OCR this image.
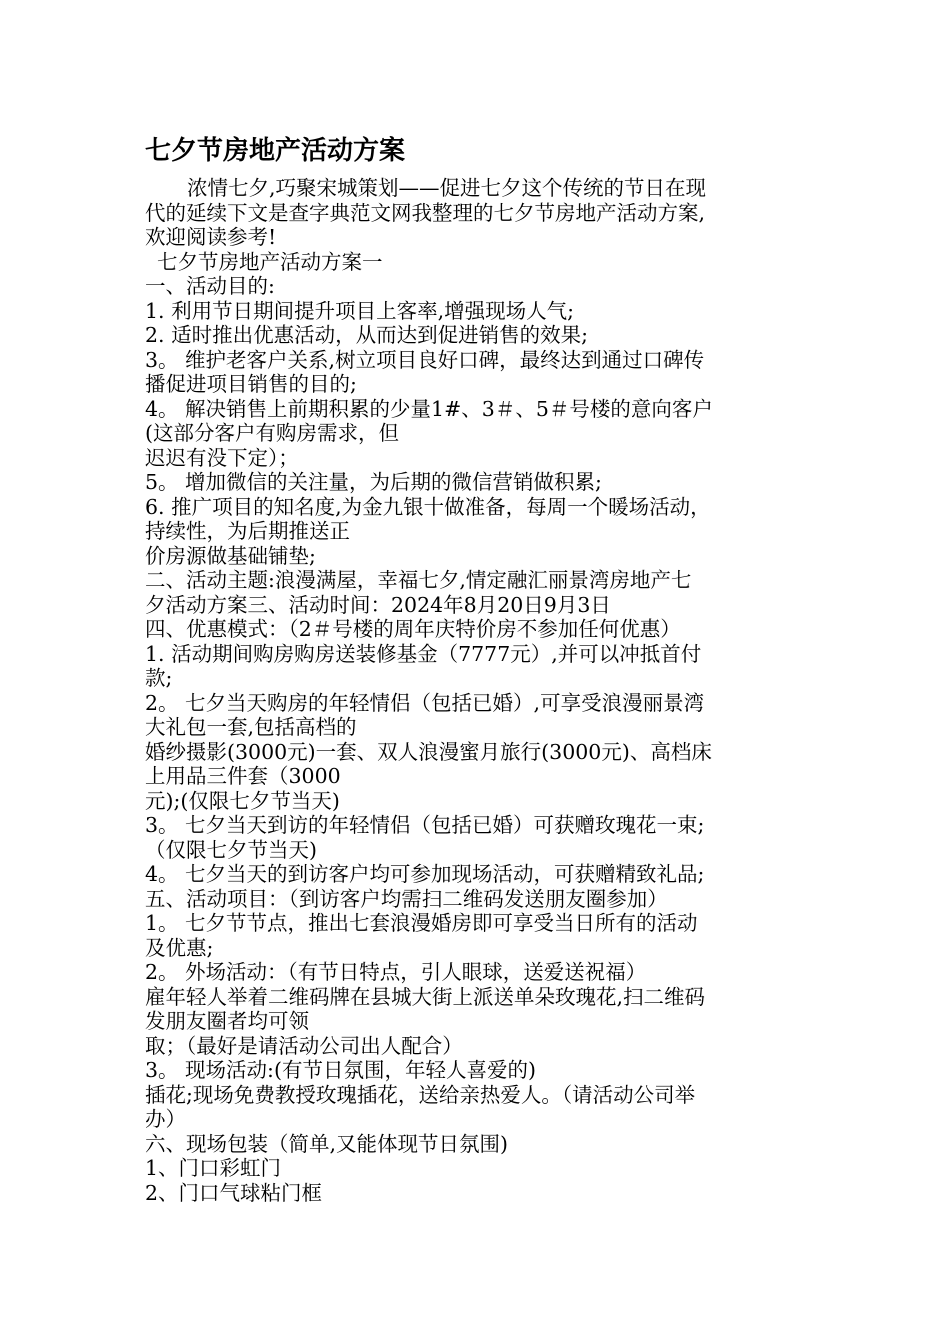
七夕节房地产活动方案
浓情七夕,巧聚宋城策划——促进七夕这个传统的节日在现
代的延续下文是查字典范文网我整理的七夕节房地产活动方案,
欢迎阅读参考!
七夕节房地产活动方案一
一、活动目的:
1. 利用节日期间提升项目上客率,增强现场人气;
2. 适时推出优惠活动，从而达到促进销售的效果;
3。 维护老客户关系,树立项目良好口碑，最终达到通过口碑传
播促进项目销售的目的;
4。 解决销售上前期积累的少量1#、3＃、5＃号楼的意向客户
(这部分客户有购房需求，但
迟迟有没下定）；
5。 增加微信的关注量，为后期的微信营销做积累;
6. 推广项目的知名度,为金九银十做准备，每周一个暖场活动，
持续性，为后期推送正
价房源做基础铺垫;
二、活动主题:浪漫满屋，幸福七夕,情定融汇丽景湾房地产七
夕活动方案三、活动时间：2024年8月20日9月3日
四、优惠模式：（2＃号楼的周年庆特价房不参加任何优惠）
1. 活动期间购房购房送装修基金（7777元）,并可以冲抵首付
款;
2。 七夕当天购房的年轻情侣（包括已婚）,可享受浪漫丽景湾
大礼包一套,包括高档的
婚纱摄影(3000元)一套、双人浪漫蜜月旅行(3000元)、高档床
上用品三件套（3000
元);(仅限七夕节当天)
3。 七夕当天到访的年轻情侣（包括已婚）可获赠玫瑰花一束;
（仅限七夕节当天)
4。 七夕当天的到访客户均可参加现场活动，可获赠精致礼品;
五、活动项目：（到访客户均需扫二维码发送朋友圈参加）
1。 七夕节节点，推出七套浪漫婚房即可享受当日所有的活动
及优惠;
2。 外场活动：（有节日特点，引人眼球，送爱送祝福）
雇年轻人举着二维码牌在县城大街上派送单朵玫瑰花,扫二维码
发朋友圈者均可领
取；（最好是请活动公司出人配合）
3。 现场活动:(有节日氛围，年轻人喜爱的)
插花;现场免费教授玫瑰插花，送给亲热爱人。（请活动公司举
办）
六、现场包装（简单,又能体现节日氛围)
1、门口彩虹门
2、门口气球粘门框
